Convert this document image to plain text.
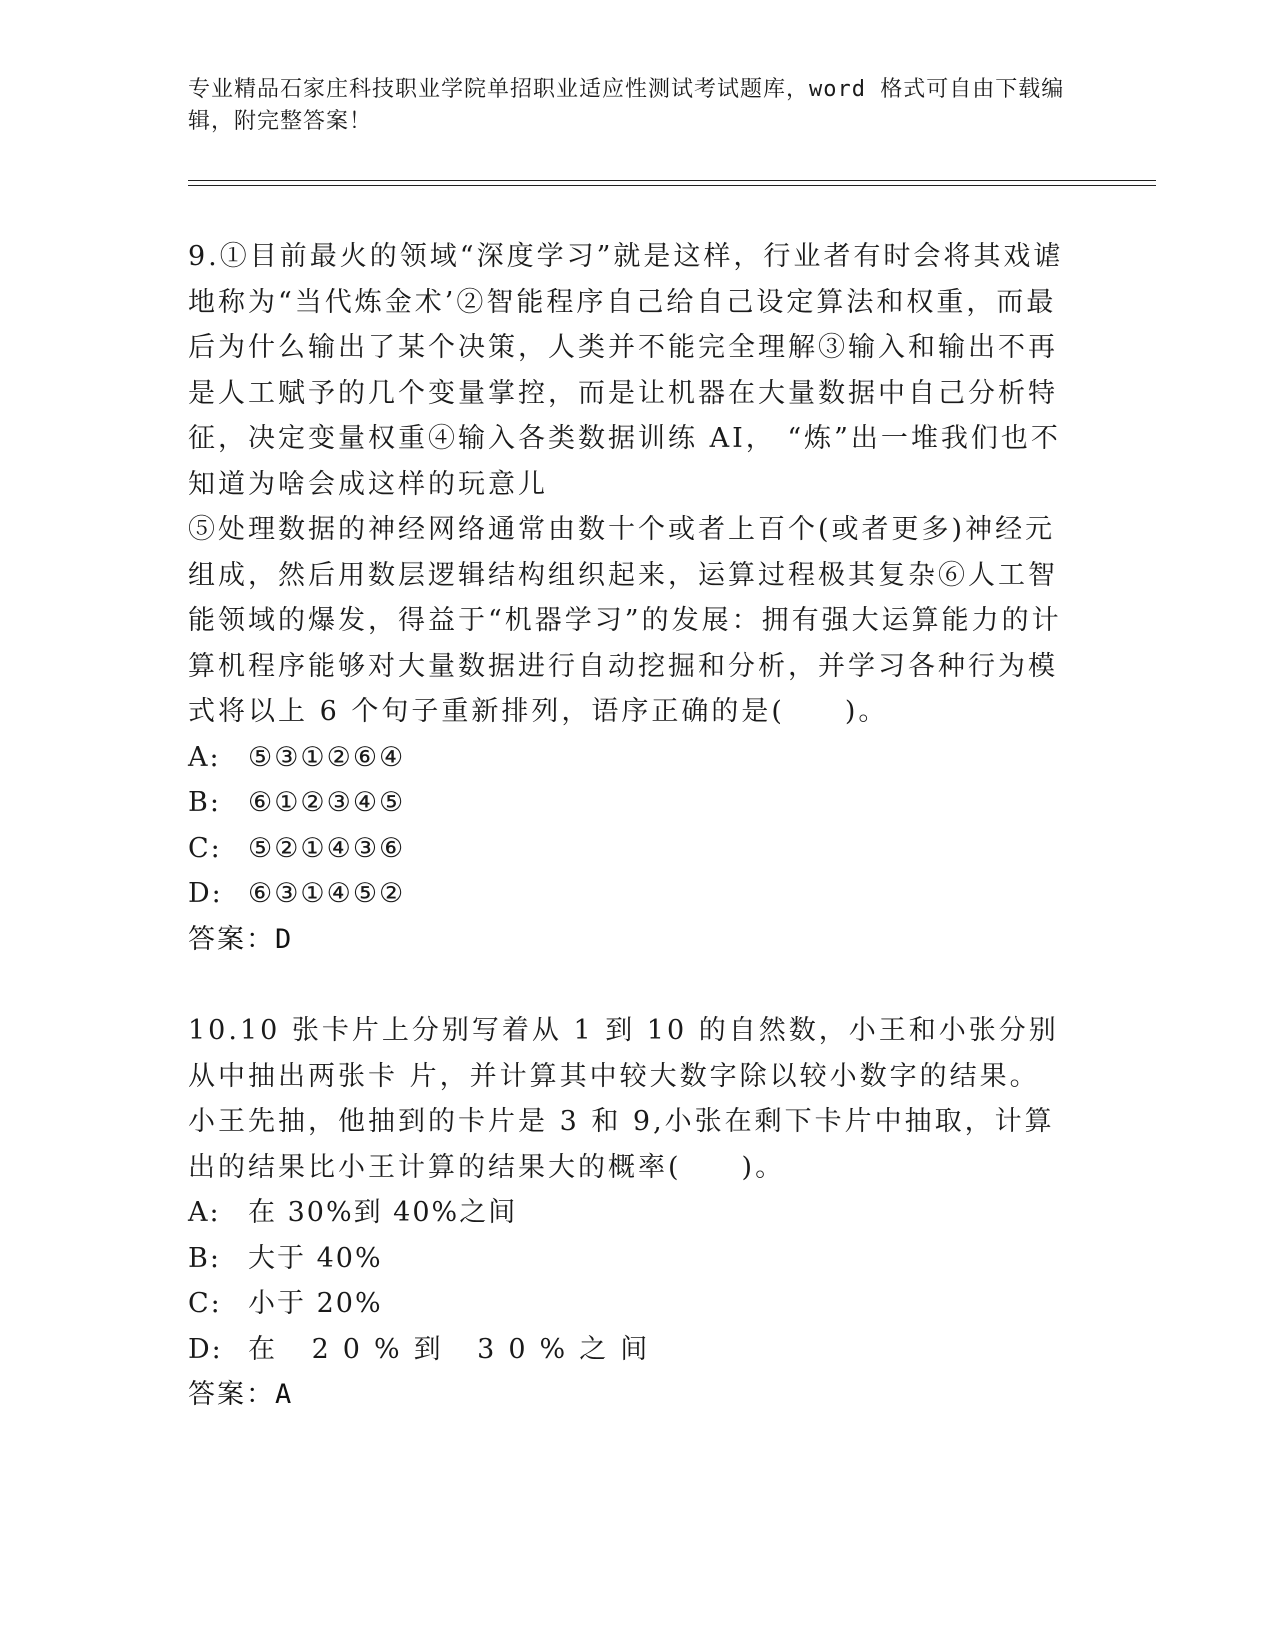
专业精品石家庄科技职业学院单招职业适应性测试考试题库，word 格式可自由下载编辑，附完整答案！

9.①目前最火的领域“深度学习”就是这样，行业者有时会将其戏谑地称为“当代炼金术’②智能程序自己给自己设定算法和权重，而最后为什么输出了某个决策，人类并不能完全理解③输入和输出不再是人工赋予的几个变量掌控，而是让机器在大量数据中自己分析特征，决定变量权重④输入各类数据训练 AI， “炼”出一堆我们也不知道为啥会成这样的玩意儿

⑤处理数据的神经网络通常由数十个或者上百个(或者更多)神经元组成，然后用数层逻辑结构组织起来，运算过程极其复杂⑥人工智能领域的爆发，得益于“机器学习”的发展：拥有强大运算能力的计算机程序能够对大量数据进行自动挖掘和分析，并学习各种行为模式将以上 6 个句子重新排列，语序正确的是(　　)。

A: ⑤③①②⑥④

B: ⑥①②③④⑤

C: ⑤②①④③⑥

D: ⑥③①④⑤②

答案：D

10.10 张卡片上分别写着从 1 到 10 的自然数，小王和小张分别从中抽出两张卡 片，并计算其中较大数字除以较小数字的结果。小王先抽，他抽到的卡片是 3 和 9,小张在剩下卡片中抽取，计算出的结果比小王计算的结果大的概率(　　)。

A: 在 30%到 40%之间

B: 大于 40%

C: 小于 20%

D: 在 20%到 30%之间

答案：A
